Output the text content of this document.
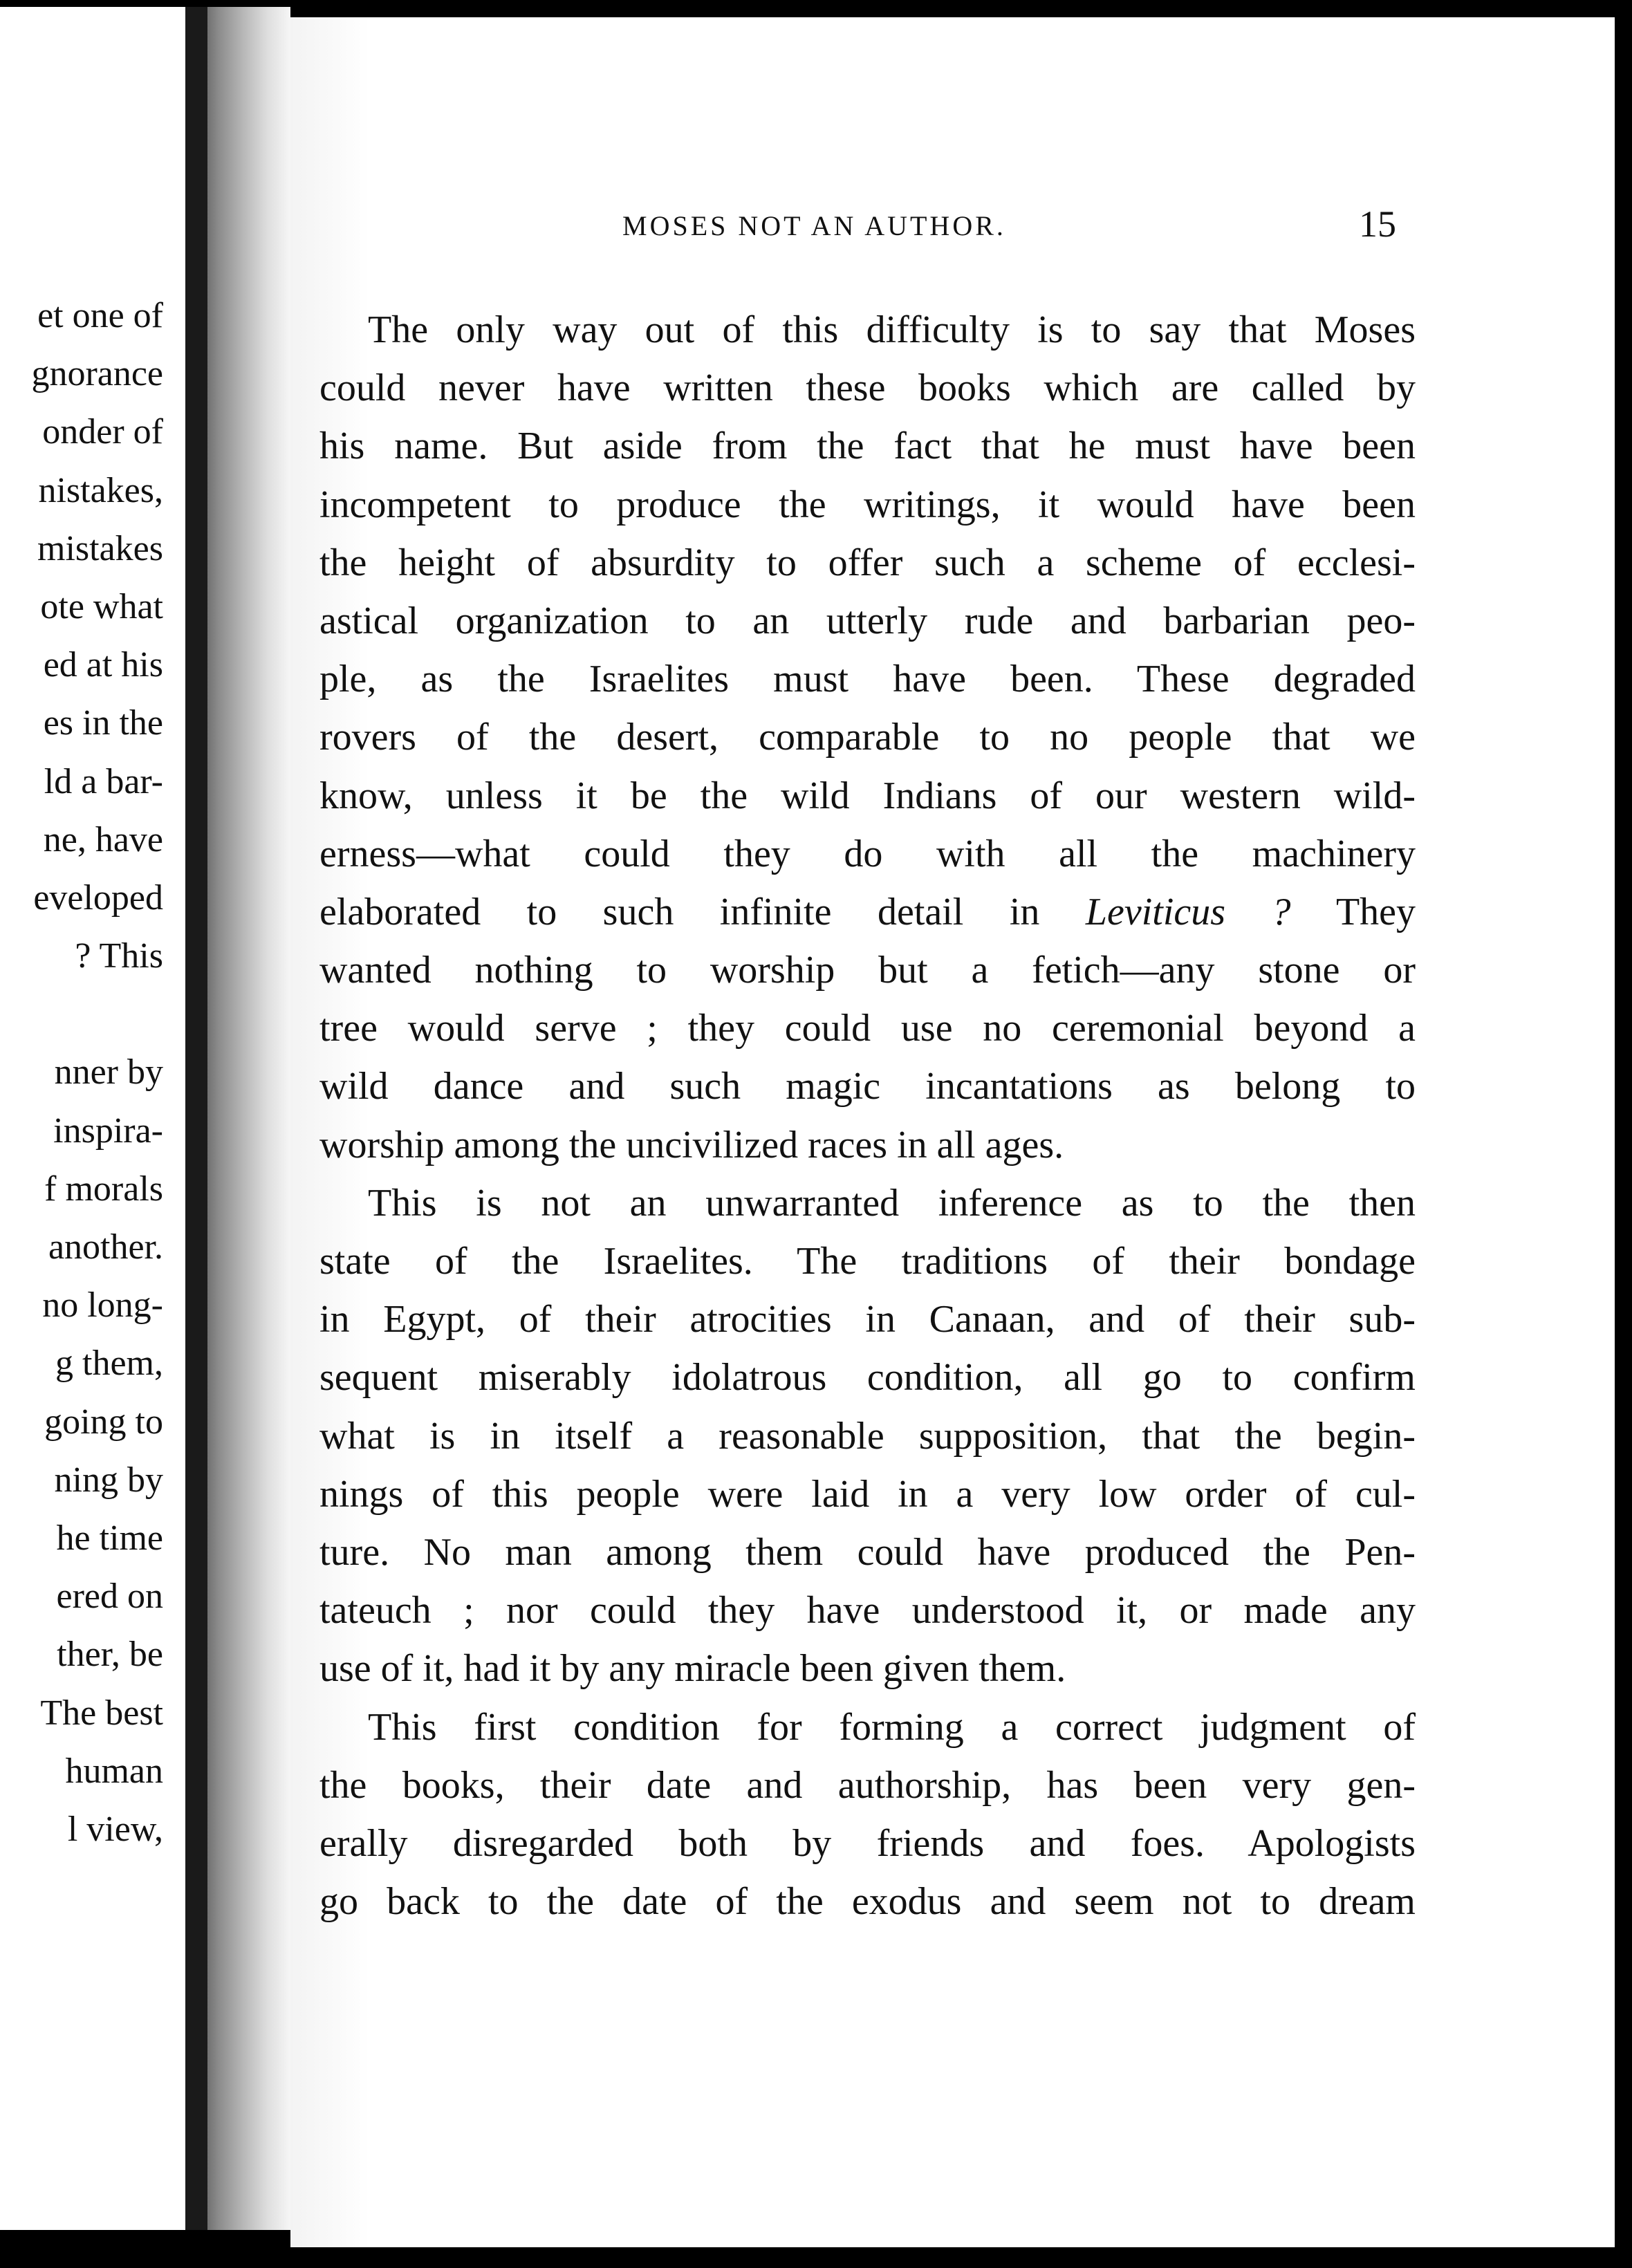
et one of
gnorance
onder of
nistakes,
mistakes
ote what
ed at his
es in the
ld a bar-
ne, have
eveloped
? This
nner by
inspira-
f morals
another.
no long-
g them,
going to
ning by
he time
ered on
ther, be
The best
human
l view,
MOSES NOT AN AUTHOR.	15
The only way out of this difficulty is to say that Moses
could never have written these books which are called by
his name. But aside from the fact that he must have been
incompetent to produce the writings, it would have been
the height of absurdity to offer such a scheme of ecclesi-
astical organization to an utterly rude and barbarian peo-
ple, as the Israelites must have been. These degraded
rovers of the desert, comparable to no people that we
know, unless it be the wild Indians of our western wild-
erness—what could they do with all the machinery
elaborated to such infinite detail in Leviticus ? They
wanted nothing to worship but a fetich—any stone or
tree would serve ; they could use no ceremonial beyond a
wild dance and such magic incantations as belong to
worship among the uncivilized races in all ages.
This is not an unwarranted inference as to the then
state of the Israelites. The traditions of their bondage
in Egypt, of their atrocities in Canaan, and of their sub-
sequent miserably idolatrous condition, all go to confirm
what is in itself a reasonable supposition, that the begin-
nings of this people were laid in a very low order of cul-
ture. No man among them could have produced the Pen-
tateuch ; nor could they have understood it, or made any
use of it, had it by any miracle been given them.
This first condition for forming a correct judgment of
the books, their date and authorship, has been very gen-
erally disregarded both by friends and foes. Apologists
go back to the date of the exodus and seem not to dream
